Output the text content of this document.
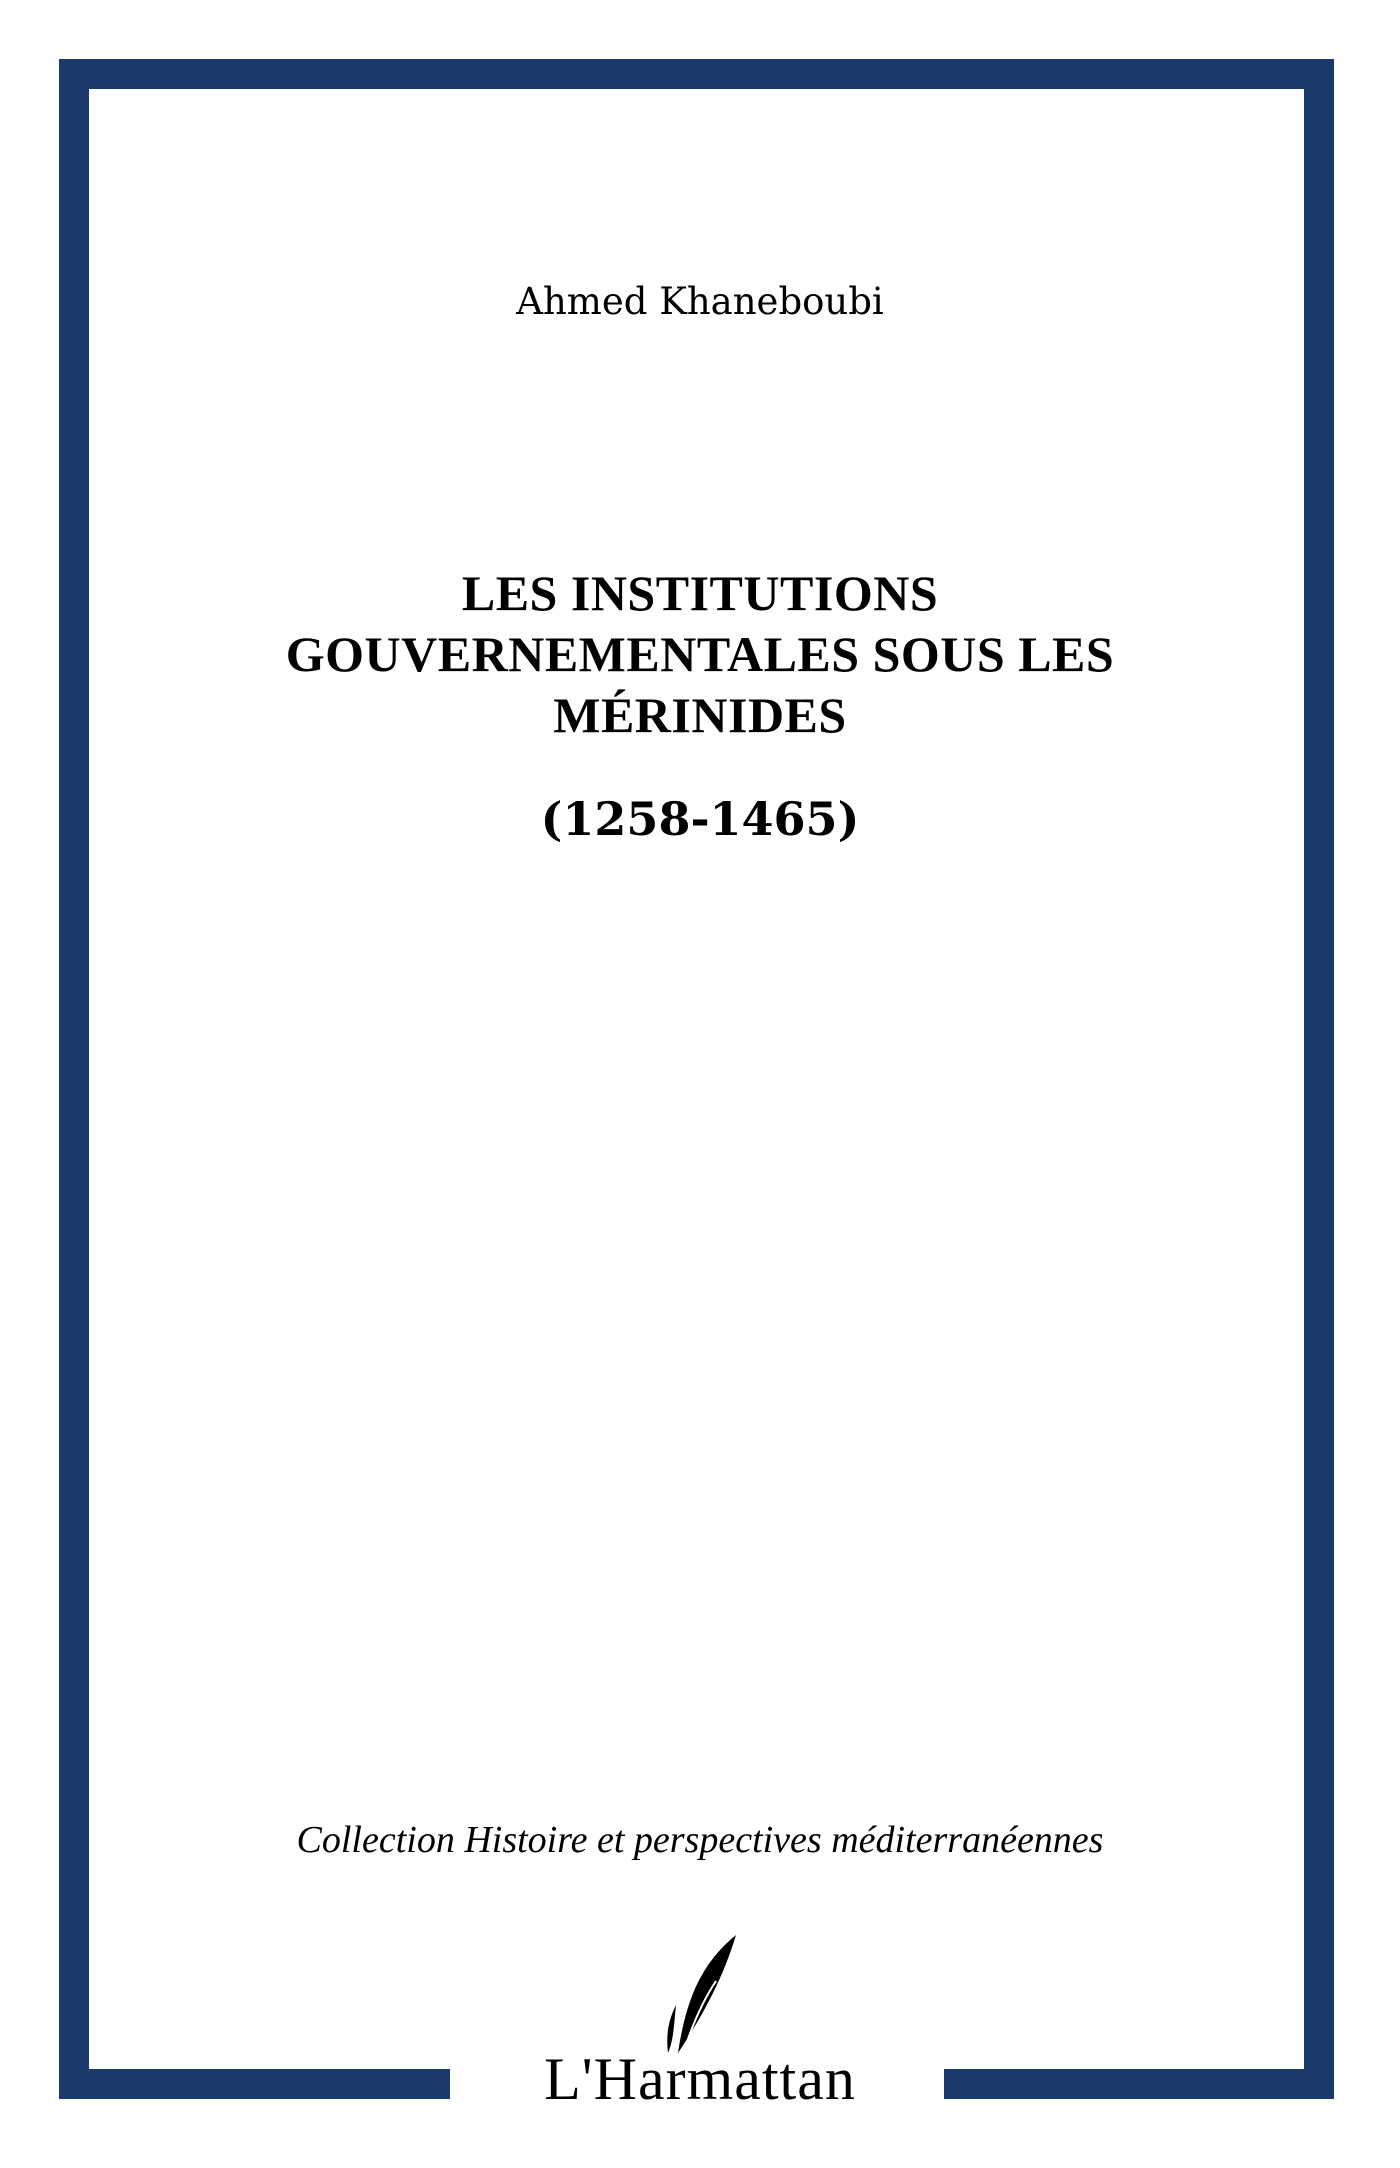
Ahmed Khaneboubi
LES INSTITUTIONS
GOUVERNEMENTALES SOUS LES
MÉRINIDES
(1258-1465)
Collection Histoire et perspectives méditerranéennes
L'Harmattan
